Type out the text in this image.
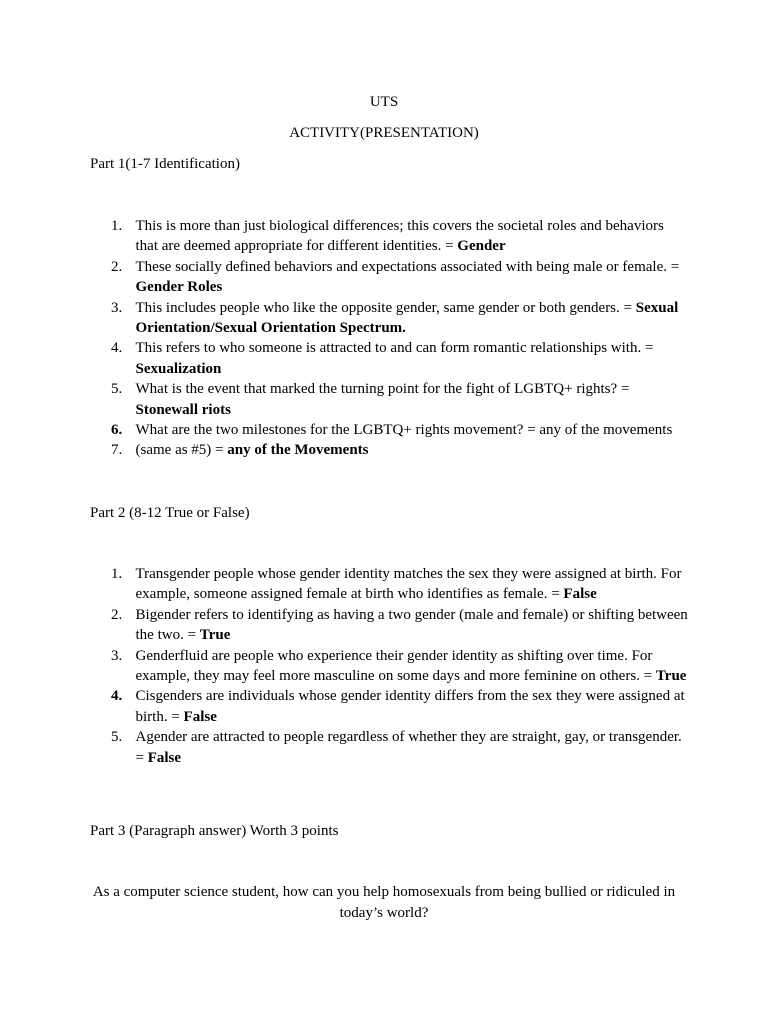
UTS
ACTIVITY(PRESENTATION)
Part 1(1-7 Identification)
1. This is more than just biological differences; this covers the societal roles and behaviors that are deemed appropriate for different identities. = Gender
2. These socially defined behaviors and expectations associated with being male or female. = Gender Roles
3. This includes people who like the opposite gender, same gender or both genders. = Sexual Orientation/Sexual Orientation Spectrum.
4. This refers to who someone is attracted to and can form romantic relationships with. = Sexualization
5. What is the event that marked the turning point for the fight of LGBTQ+ rights? = Stonewall riots
6. What are the two milestones for the LGBTQ+ rights movement? = any of the movements
7. (same as #5) = any of the Movements
Part 2 (8-12 True or False)
1. Transgender people whose gender identity matches the sex they were assigned at birth. For example, someone assigned female at birth who identifies as female. = False
2. Bigender refers to identifying as having a two gender (male and female) or shifting between the two. = True
3. Genderfluid are people who experience their gender identity as shifting over time. For example, they may feel more masculine on some days and more feminine on others. = True
4. Cisgenders are individuals whose gender identity differs from the sex they were assigned at birth. = False
5. Agender are attracted to people regardless of whether they are straight, gay, or transgender. = False
Part 3 (Paragraph answer) Worth 3 points
As a computer science student, how can you help homosexuals from being bullied or ridiculed in today’s world?
